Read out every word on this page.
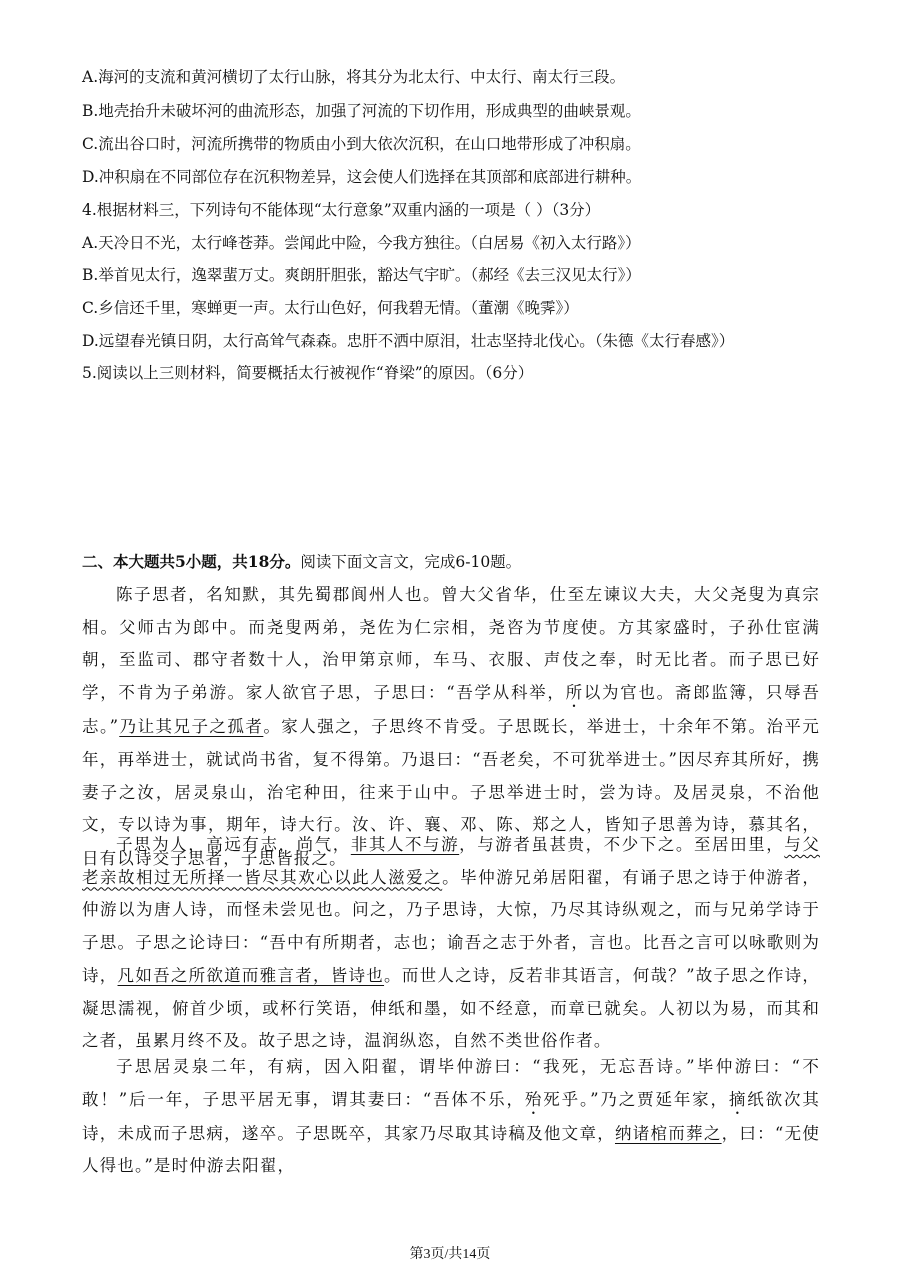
A.海河的支流和黄河横切了太行山脉，将其分为北太行、中太行、南太行三段。
B.地壳抬升未破坏河的曲流形态，加强了河流的下切作用，形成典型的曲峡景观。
C.流出谷口时，河流所携带的物质由小到大依次沉积，在山口地带形成了冲积扇。
D.冲积扇在不同部位存在沉积物差异，这会使人们选择在其顶部和底部进行耕种。
4.根据材料三，下列诗句不能体现“太行意象”双重内涵的一项是（ ）（3分）
A.天冷日不光，太行峰苍莽。尝闻此中险，今我方独往。（白居易《初入太行路》）
B.举首见太行，逸翠蜚万丈。爽朗肝胆张，豁达气宇旷。（郝经《去三汉见太行》）
C.乡信还千里，寒蝉更一声。太行山色好，何我碧无情。（董潮《晚霁》）
D.远望春光镇日阴，太行高耸气森森。忠肝不洒中原泪，壮志坚持北伐心。（朱德《太行春感》）
5.阅读以上三则材料，简要概括太行被视作“脊梁”的原因。（6分）
二、本大题共5小题，共18分。阅读下面文言文，完成6-10题。

陈子思者，名知默，其先蜀郡阆州人也。曾大父省华，仕至左谏议大夫，大父尧叟为真宗相。父师古为郎中。而尧叟两弟，尧佐为仁宗相，尧咨为节度使。方其家盛时，子孙仕宦满朝，至监司、郡守者数十人，治甲第京师，车马、衣服、声伎之奉，时无比者。而子思已好学，不肯为子弟游。家人欲官子思，子思曰：“吾学从科举，所以为官也。斋郎监簿，只辱吾志。”乃让其兄子之孤者。家人强之，子思终不肯受。子思既长，举进士，十余年不第。治平元年，再举进士，就试尚书省，复不得第。乃退曰：“吾老矣，不可犹举进士。”因尽弃其所好，携妻子之汝，居灵泉山，治宅种田，往来于山中。子思举进士时，尝为诗。及居灵泉，不治他文，专以诗为事，期年，诗大行。汝、许、襄、邓、陈、郑之人，皆知子思善为诗，慕其名，日有以诗交子思者，子思皆报之。

子思为人，高远有志，尚气，非其人不与游，与游者虽甚贵，不少下之。至居田里，与父老亲故相过无所择一皆尽其欢心以此人滋爱之。毕仲游兄弟居阳翟，有诵子思之诗于仲游者，仲游以为唐人诗，而怪未尝见也。问之，乃子思诗，大惊，乃尽其诗纵观之，而与兄弟学诗于子思。子思之论诗曰：“吾中有所期者，志也；谕吾之志于外者，言也。比吾之言可以咏歌则为诗，凡如吾之所欲道而雅言者，皆诗也。而世人之诗，反若非其语言，何哉？”故子思之作诗，凝思濡视，俯首少顷，或杯行笑语，伸纸和墨，如不经意，而章已就矣。人初以为易，而其和之者，虽累月终不及。故子思之诗，温润纵恣，自然不类世俗作者。

子思居灵泉二年，有病，因入阳翟，谓毕仲游曰：“我死，无忘吾诗。”毕仲游曰：“不敢！”后一年，子思平居无事，谓其妻曰：“吾体不乐，殆死乎。”乃之贾延年家，摘纸欲次其诗，未成而子思病，遂卒。子思既卒，其家乃尽取其诗稿及他文章，纳诸棺而葬之，曰：“无使人得也。”是时仲游去阳翟，

第3页/共14页
